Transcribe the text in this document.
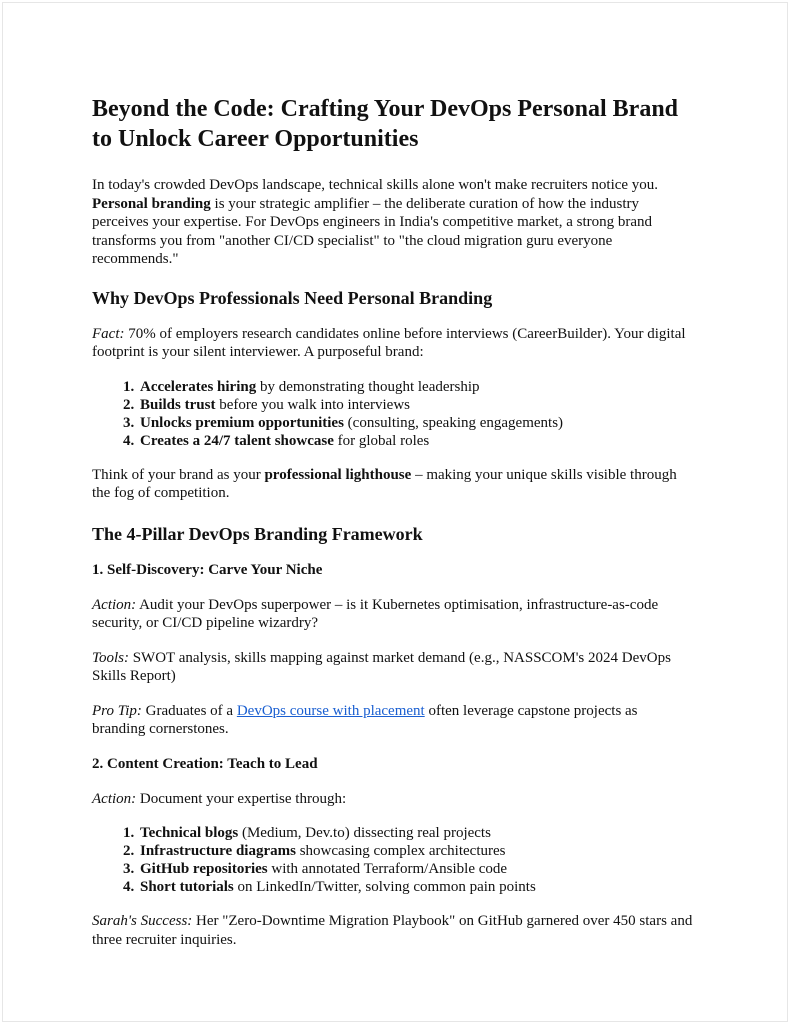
Beyond the Code: Crafting Your DevOps Personal Brand to Unlock Career Opportunities

In today's crowded DevOps landscape, technical skills alone won't make recruiters notice you. Personal branding is your strategic amplifier – the deliberate curation of how the industry perceives your expertise. For DevOps engineers in India's competitive market, a strong brand transforms you from "another CI/CD specialist" to "the cloud migration guru everyone recommends."

Why DevOps Professionals Need Personal Branding

Fact: 70% of employers research candidates online before interviews (CareerBuilder). Your digital footprint is your silent interviewer. A purposeful brand:

1. Accelerates hiring by demonstrating thought leadership
2. Builds trust before you walk into interviews
3. Unlocks premium opportunities (consulting, speaking engagements)
4. Creates a 24/7 talent showcase for global roles

Think of your brand as your professional lighthouse – making your unique skills visible through the fog of competition.

The 4-Pillar DevOps Branding Framework
1. Self-Discovery: Carve Your Niche

Action: Audit your DevOps superpower – is it Kubernetes optimisation, infrastructure-as-code security, or CI/CD pipeline wizardry?

Tools: SWOT analysis, skills mapping against market demand (e.g., NASSCOM's 2024 DevOps Skills Report)

Pro Tip: Graduates of a DevOps course with placement often leverage capstone projects as branding cornerstones.

2. Content Creation: Teach to Lead

Action: Document your expertise through:

1. Technical blogs (Medium, Dev.to) dissecting real projects
2. Infrastructure diagrams showcasing complex architectures
3. GitHub repositories with annotated Terraform/Ansible code
4. Short tutorials on LinkedIn/Twitter, solving common pain points

Sarah's Success: Her "Zero-Downtime Migration Playbook" on GitHub garnered over 450 stars and three recruiter inquiries.
